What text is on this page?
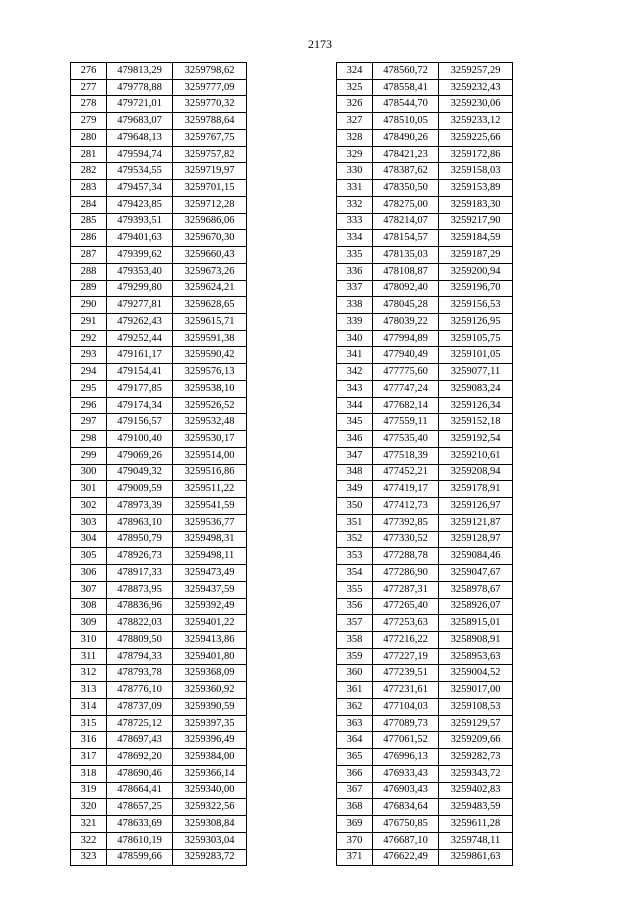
2173
276	479813,29	3259798,62
277	479778,88	3259777,09
278	479721,01	3259770,32
279	479683,07	3259788,64
280	479648,13	3259767,75
281	479594,74	3259757,82
282	479534,55	3259719,97
283	479457,34	3259701,15
284	479423,85	3259712,28
285	479393,51	3259686,06
286	479401,63	3259670,30
287	479399,62	3259660,43
288	479353,40	3259673,26
289	479299,80	3259624,21
290	479277,81	3259628,65
291	479262,43	3259615,71
292	479252,44	3259591,38
293	479161,17	3259590,42
294	479154,41	3259576,13
295	479177,85	3259538,10
296	479174,34	3259526,52
297	479156,57	3259532,48
298	479100,40	3259530,17
299	479069,26	3259514,00
300	479049,32	3259516,86
301	479009,59	3259511,22
302	478973,39	3259541,59
303	478963,10	3259536,77
304	478950,79	3259498,31
305	478926,73	3259498,11
306	478917,33	3259473,49
307	478873,95	3259437,59
308	478836,96	3259392,49
309	478822,03	3259401,22
310	478809,50	3259413,86
311	478794,33	3259401,80
312	478793,78	3259368,09
313	478776,10	3259360,92
314	478737,09	3259390,59
315	478725,12	3259397,35
316	478697,43	3259396,49
317	478692,20	3259384,00
318	478690,46	3259366,14
319	478664,41	3259340,00
320	478657,25	3259322,56
321	478633,69	3259308,84
322	478610,19	3259303,04
323	478599,66	3259283,72
324	478560,72	3259257,29
325	478558,41	3259232,43
326	478544,70	3259230,06
327	478510,05	3259233,12
328	478490,26	3259225,66
329	478421,23	3259172,86
330	478387,62	3259158,03
331	478350,50	3259153,89
332	478275,00	3259183,30
333	478214,07	3259217,90
334	478154,57	3259184,59
335	478135,03	3259187,29
336	478108,87	3259200,94
337	478092,40	3259196,70
338	478045,28	3259156,53
339	478039,22	3259126,95
340	477994,89	3259105,75
341	477940,49	3259101,05
342	477775,60	3259077,11
343	477747,24	3259083,24
344	477682,14	3259126,34
345	477559,11	3259152,18
346	477535,40	3259192,54
347	477518,39	3259210,61
348	477452,21	3259208,94
349	477419,17	3259178,91
350	477412,73	3259126,97
351	477392,85	3259121,87
352	477330,52	3259128,97
353	477288,78	3259084,46
354	477286,90	3259047,67
355	477287,31	3258978,67
356	477265,40	3258926,07
357	477253,63	3258915,01
358	477216,22	3258908,91
359	477227,19	3258953,63
360	477239,51	3259004,52
361	477231,61	3259017,00
362	477104,03	3259108,53
363	477089,73	3259129,57
364	477061,52	3259209,66
365	476996,13	3259282,73
366	476933,43	3259343,72
367	476903,43	3259402,83
368	476834,64	3259483,59
369	476750,85	3259611,28
370	476687,10	3259748,11
371	476622,49	3259861,63
